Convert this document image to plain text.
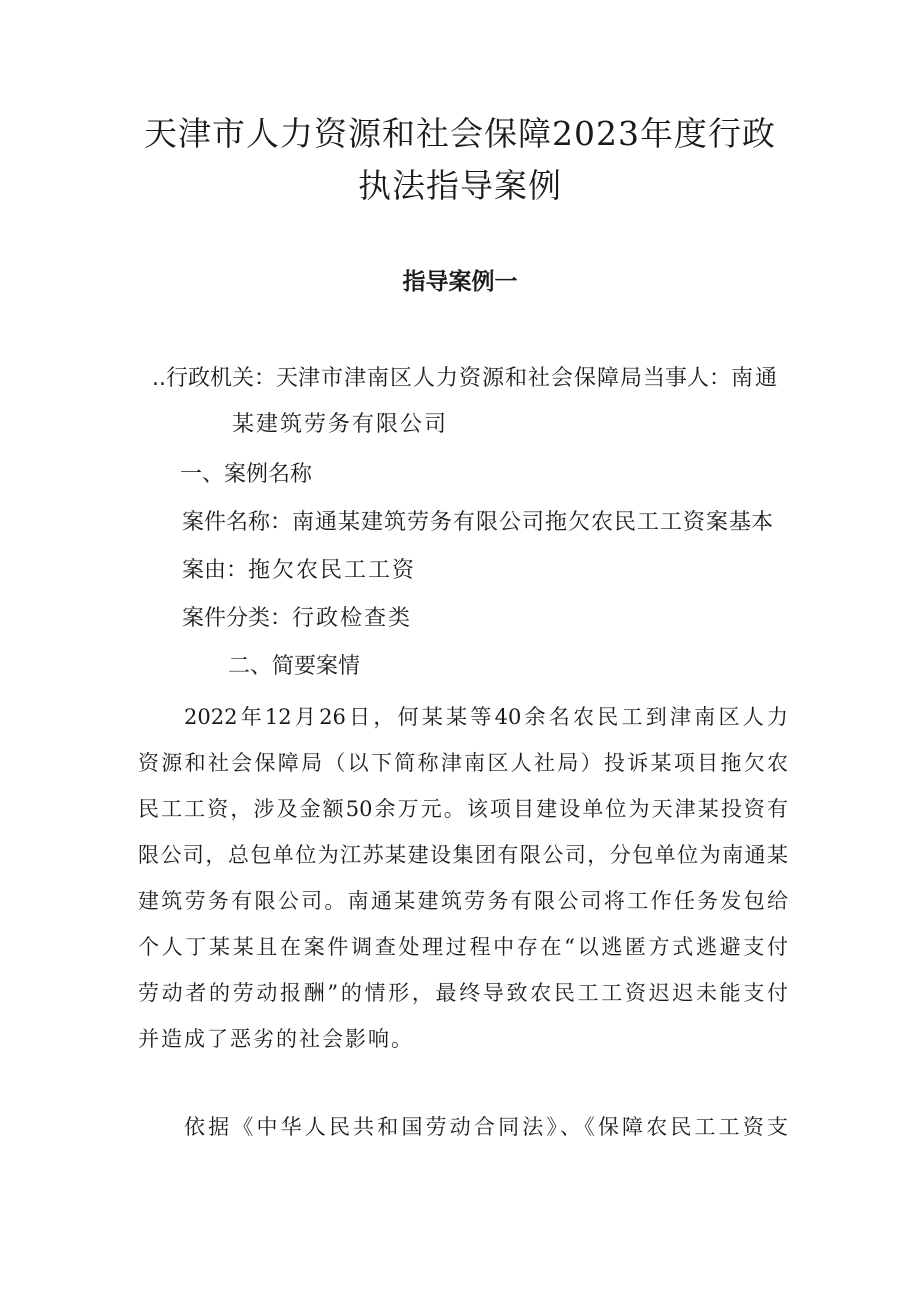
天津市人力资源和社会保障2023年度行政
执法指导案例
指导案例一

..行政机关：天津市津南区人力资源和社会保障局当事人：南通

某建筑劳务有限公司

一、案例名称

案件名称：南通某建筑劳务有限公司拖欠农民工工资案基本

案由：拖欠农民工工资

案件分类：行政检查类

二、简要案情

2022年12月26日，何某某等40余名农民工到津南区人力

资源和社会保障局（以下简称津南区人社局）投诉某项目拖欠农

民工工资，涉及金额50余万元。该项目建设单位为天津某投资有

限公司，总包单位为江苏某建设集团有限公司，分包单位为南通某

建筑劳务有限公司。南通某建筑劳务有限公司将工作任务发包给

个人丁某某且在案件调查处理过程中存在“以逃匿方式逃避支付

劳动者的劳动报酬”的情形，最终导致农民工工资迟迟未能支付

并造成了恶劣的社会影响。

依据《中华人民共和国劳动合同法》、《保障农民工工资支
